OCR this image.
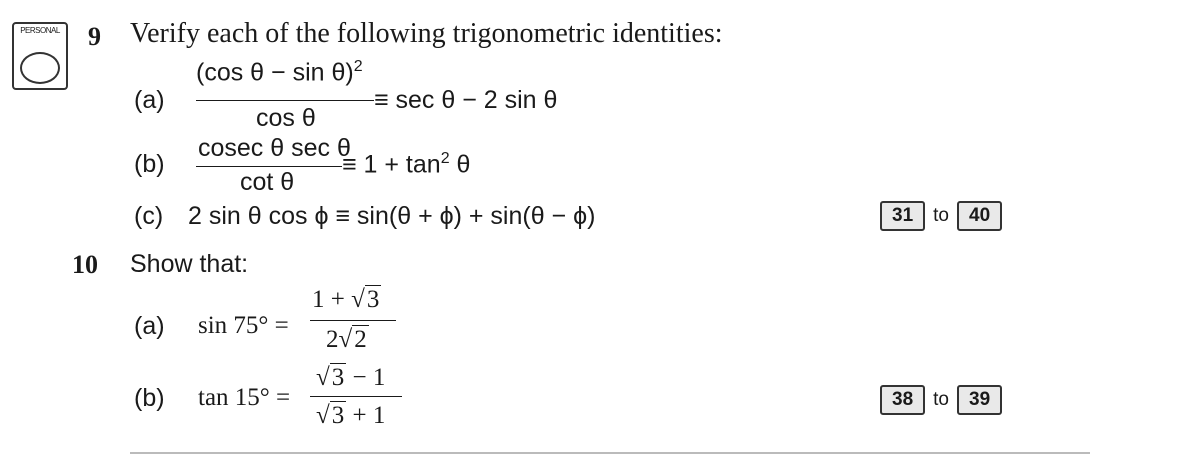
PERSONAL 9 Verify each of the following trigonometric identities:
(a)
(cos θ − sin θ)$^2$
cos θ
≡ sec θ − 2 sin θ
(b)
cosec θ sec θ
cot θ
≡ $1 + \tan^2 \theta$
(c) 2 sin θ cos ϕ ≡ sin(θ + ϕ) + sin(θ − ϕ)	31 to 40
10 Show that:
(a) sin 75° =
1 + √3
2√2
(b) tan 15° =
√3 − 1
√3 + 1
38 to 39
